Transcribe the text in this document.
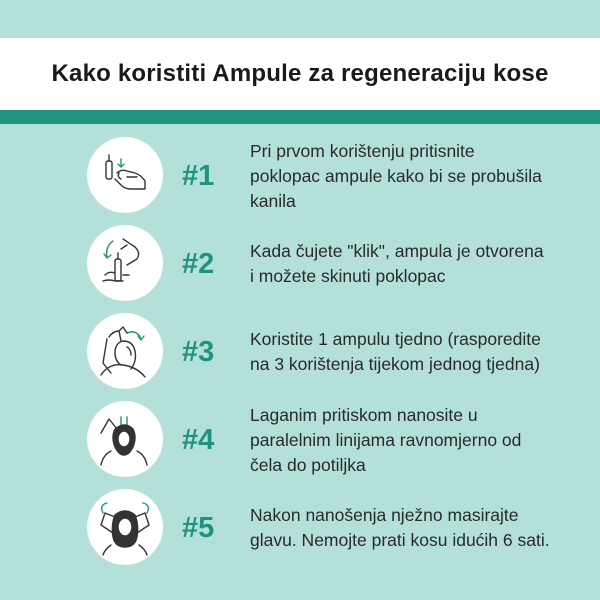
Kako koristiti Ampule za regeneraciju kose
#1
Pri prvom korištenju pritisnite
poklopac ampule kako bi se probušila
kanila
#2 Kada čujete "klik", ampula je otvorena
i možete skinuti poklopac
#3 Koristite 1 ampulu tjedno (rasporedite
na 3 korištenja tijekom jednog tjedna)
#4
Laganim pritiskom nanosite u
paralelnim linijama ravnomjerno od
čela do potiljka
#5 Nakon nanošenja nježno masirajte
glavu. Nemojte prati kosu idućih 6 sati.
